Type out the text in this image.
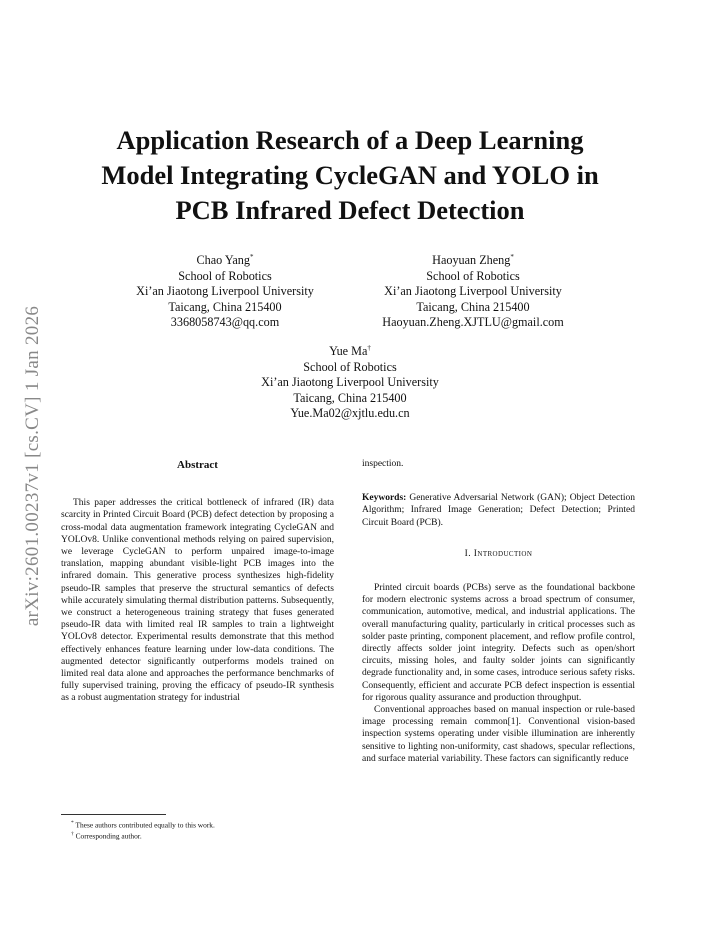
arXiv:2601.00237v1 [cs.CV] 1 Jan 2026
Application Research of a Deep Learning
Model Integrating CycleGAN and YOLO in
PCB Infrared Defect Detection
Chao Yang*
School of Robotics
Xi’an Jiaotong Liverpool University
Taicang, China 215400
3368058743@qq.com
Haoyuan Zheng*
School of Robotics
Xi’an Jiaotong Liverpool University
Taicang, China 215400
Haoyuan.Zheng.XJTLU@gmail.com
Yue Ma†
School of Robotics
Xi’an Jiaotong Liverpool University
Taicang, China 215400
Yue.Ma02@xjtlu.edu.cn
Abstract

This paper addresses the critical bottleneck of infrared (IR) data scarcity in Printed Circuit Board (PCB) defect detection by proposing a cross-modal data augmentation framework integrating CycleGAN and YOLOv8. Unlike conventional methods relying on paired supervision, we leverage CycleGAN to perform unpaired image-to-image translation, mapping abundant visible-light PCB images into the infrared domain. This generative process synthesizes high-fidelity pseudo-IR samples that preserve the structural semantics of defects while accurately simulating thermal distribution patterns. Subsequently, we construct a heterogeneous training strategy that fuses generated pseudo-IR data with limited real IR samples to train a lightweight YOLOv8 detector. Experimental results demonstrate that this method effectively enhances feature learning under low-data conditions. The augmented detector significantly outperforms models trained on limited real data alone and approaches the performance benchmarks of fully supervised training, proving the efficacy of pseudo-IR synthesis as a robust augmentation strategy for industrial

inspection.

Keywords: Generative Adversarial Network (GAN); Object Detection Algorithm; Infrared Image Generation; Defect Detection; Printed Circuit Board (PCB).

I. Introduction

Printed circuit boards (PCBs) serve as the foundational backbone for modern electronic systems across a broad spectrum of consumer, communication, automotive, medical, and industrial applications. The overall manufacturing quality, particularly in critical processes such as solder paste printing, component placement, and reflow profile control, directly affects solder joint integrity. Defects such as open/short circuits, missing holes, and faulty solder joints can significantly degrade functionality and, in some cases, introduce serious safety risks. Consequently, efficient and accurate PCB defect inspection is essential for rigorous quality assurance and production throughput.

Conventional approaches based on manual inspection or rule-based image processing remain common[1]. Conventional vision-based inspection systems operating under visible illumination are inherently sensitive to lighting non-uniformity, cast shadows, specular reflections, and surface material variability. These factors can significantly reduce

* These authors contributed equally to this work.
† Corresponding author.
